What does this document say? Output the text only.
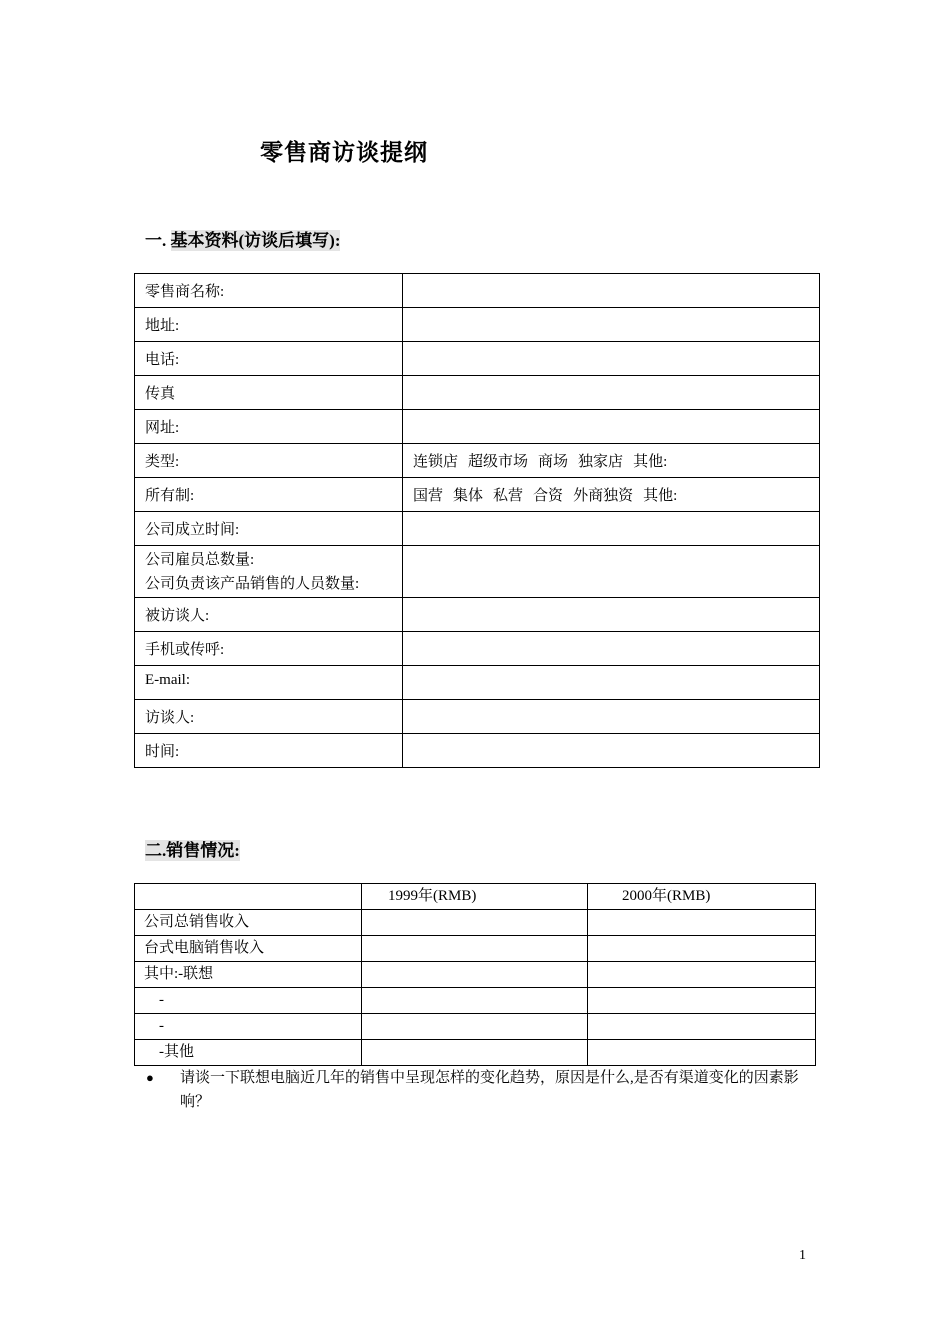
零售商访谈提纲
一. 基本资料(访谈后填写):
零售商名称:	
地址:	
电话:	
传真	
网址:	
类型:	连锁店 超级市场 商场 独家店 其他:
所有制:	国营 集体 私营 合资 外商独资 其他:
公司成立时间:	
公司雇员总数量:
公司负责该产品销售的人员数量:	
被访谈人:	
手机或传呼:	
E-mail:	
访谈人:	
时间:	
二.销售情况:
	1999年(RMB)	2000年(RMB)
公司总销售收入		
台式电脑销售收入		
其中:-联想		
-		
-		
-其他		
● 请谈一下联想电脑近几年的销售中呈现怎样的变化趋势，原因是什么,是否有渠道变化的因素影响？
1
